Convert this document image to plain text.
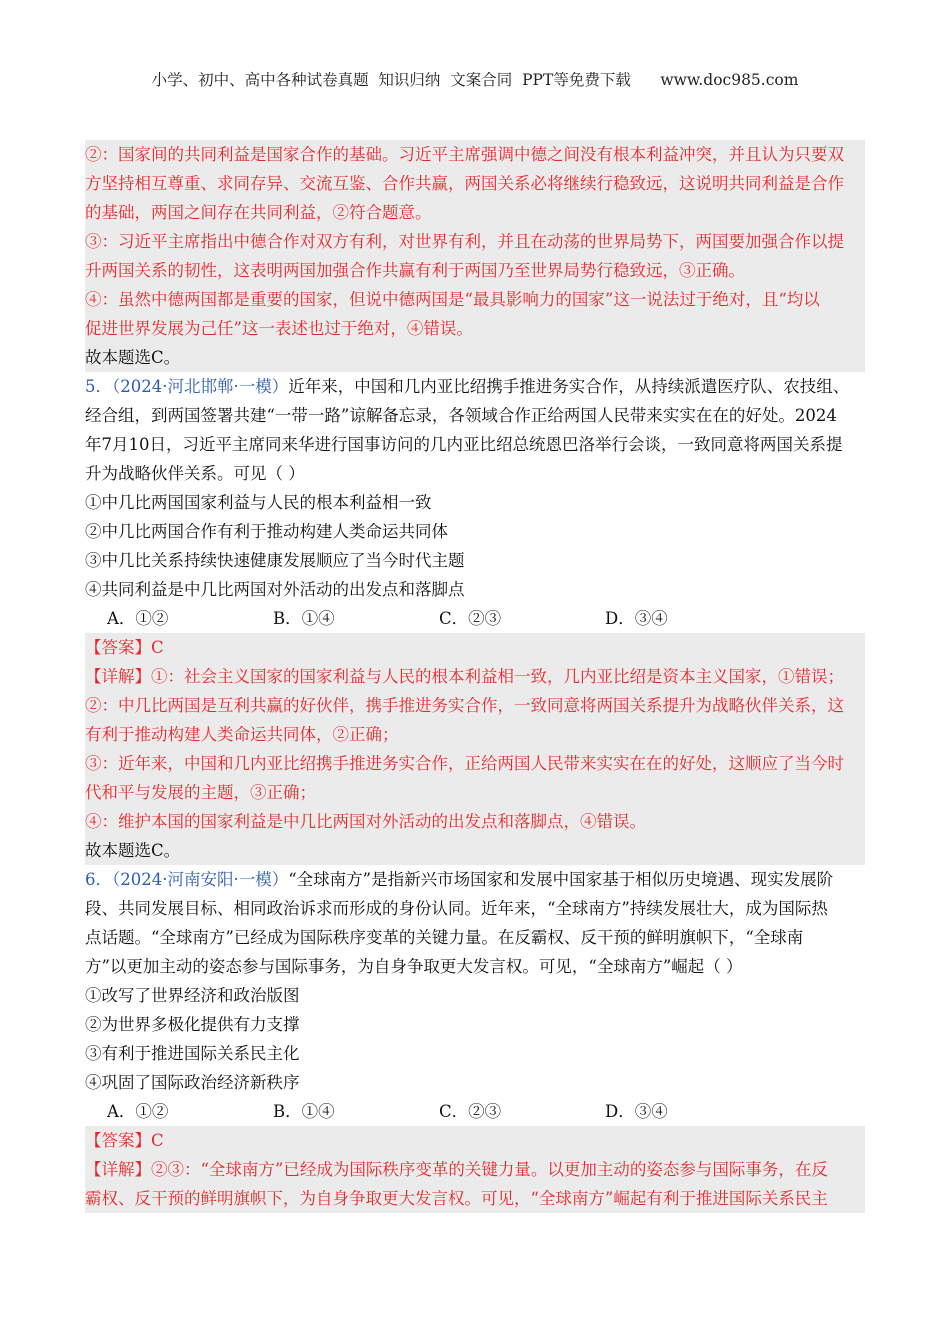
小学、初中、高中各种试卷真题  知识归纳  文案合同  PPT等免费下载      www.doc985.com
②：国家间的共同利益是国家合作的基础。习近平主席强调中德之间没有根本利益冲突，并且认为只要双
方坚持相互尊重、求同存异、交流互鉴、合作共赢，两国关系必将继续行稳致远，这说明共同利益是合作
的基础，两国之间存在共同利益，②符合题意。
③：习近平主席指出中德合作对双方有利，对世界有利，并且在动荡的世界局势下，两国要加强合作以提
升两国关系的韧性，这表明两国加强合作共赢有利于两国乃至世界局势行稳致远，③正确。
④：虽然中德两国都是重要的国家，但说中德两国是“最具影响力的国家”这一说法过于绝对，且“均以
促进世界发展为己任”这一表述也过于绝对，④错误。
故本题选C。
5．（2024·河北邯郸·一模）近年来，中国和几内亚比绍携手推进务实合作，从持续派遣医疗队、农技组、
经合组，到两国签署共建“一带一路”谅解备忘录，各领域合作正给两国人民带来实实在在的好处。2024
年7月10日，习近平主席同来华进行国事访问的几内亚比绍总统恩巴洛举行会谈，一致同意将两国关系提
升为战略伙伴关系。可见（ ）
①中几比两国国家利益与人民的根本利益相一致
②中几比两国合作有利于推动构建人类命运共同体
③中几比关系持续快速健康发展顺应了当今时代主题
④共同利益是中几比两国对外活动的出发点和落脚点
A．①②	B．①④	C．②③	D．③④
【答案】C
【详解】①：社会主义国家的国家利益与人民的根本利益相一致，几内亚比绍是资本主义国家，①错误；
②：中几比两国是互利共赢的好伙伴，携手推进务实合作，一致同意将两国关系提升为战略伙伴关系，这
有利于推动构建人类命运共同体，②正确；
③：近年来，中国和几内亚比绍携手推进务实合作，正给两国人民带来实实在在的好处，这顺应了当今时
代和平与发展的主题，③正确；
④：维护本国的国家利益是中几比两国对外活动的出发点和落脚点，④错误。
故本题选C。
6．（2024·河南安阳·一模）“全球南方”是指新兴市场国家和发展中国家基于相似历史境遇、现实发展阶
段、共同发展目标、相同政治诉求而形成的身份认同。近年来，“全球南方”持续发展壮大，成为国际热
点话题。“全球南方”已经成为国际秩序变革的关键力量。在反霸权、反干预的鲜明旗帜下，“全球南
方”以更加主动的姿态参与国际事务，为自身争取更大发言权。可见，“全球南方”崛起（ ）
①改写了世界经济和政治版图
②为世界多极化提供有力支撑
③有利于推进国际关系民主化
④巩固了国际政治经济新秩序
A．①②	B．①④	C．②③	D．③④
【答案】C
【详解】②③：“全球南方”已经成为国际秩序变革的关键力量。以更加主动的姿态参与国际事务，在反
霸权、反干预的鲜明旗帜下，为自身争取更大发言权。可见，“全球南方”崛起有利于推进国际关系民主
